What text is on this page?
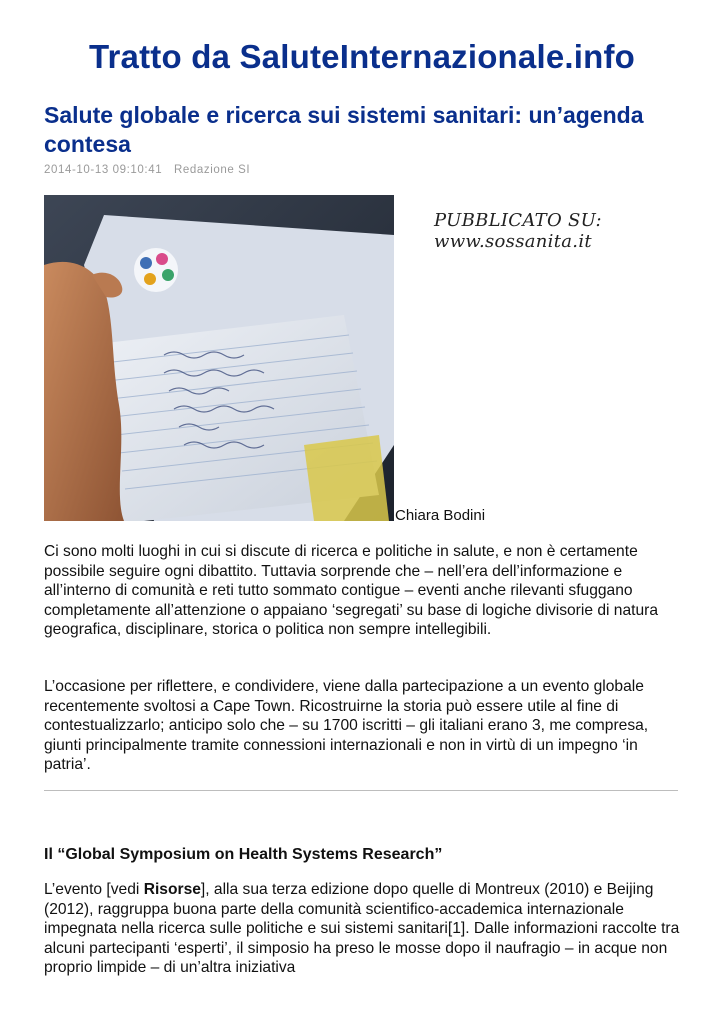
Tratto da SaluteInternazionale.info
Salute globale e ricerca sui sistemi sanitari: un’agenda contesa
2014-10-13 09:10:41 Redazione SI
PUBBLICATO SU: www.sossanita.it
Chiara Bodini

Ci sono molti luoghi in cui si discute di ricerca e politiche in salute, e non è certamente possibile seguire ogni dibattito. Tuttavia sorprende che – nell’era dell’informazione e all’interno di comunità e reti tutto sommato contigue – eventi anche rilevanti sfuggano completamente all’attenzione o appaiano ‘segregati’ su base di logiche divisorie di natura geografica, disciplinare, storica o politica non sempre intellegibili.

L’occasione per riflettere, e condividere, viene dalla partecipazione a un evento globale recentemente svoltosi a Cape Town. Ricostruirne la storia può essere utile al fine di contestualizzarlo; anticipo solo che – su 1700 iscritti – gli italiani erano 3, me compresa, giunti principalmente tramite connessioni internazionali e non in virtù di un impegno ‘in patria’.

Il “Global Symposium on Health Systems Research”

L’evento [vedi Risorse], alla sua terza edizione dopo quelle di Montreux (2010) e Beijing (2012), raggruppa buona parte della comunità scientifico-accademica internazionale impegnata nella ricerca sulle politiche e sui sistemi sanitari[1]. Dalle informazioni raccolte tra alcuni partecipanti ‘esperti’, il simposio ha preso le mosse dopo il naufragio – in acque non proprio limpide – di un’altra iniziativa
